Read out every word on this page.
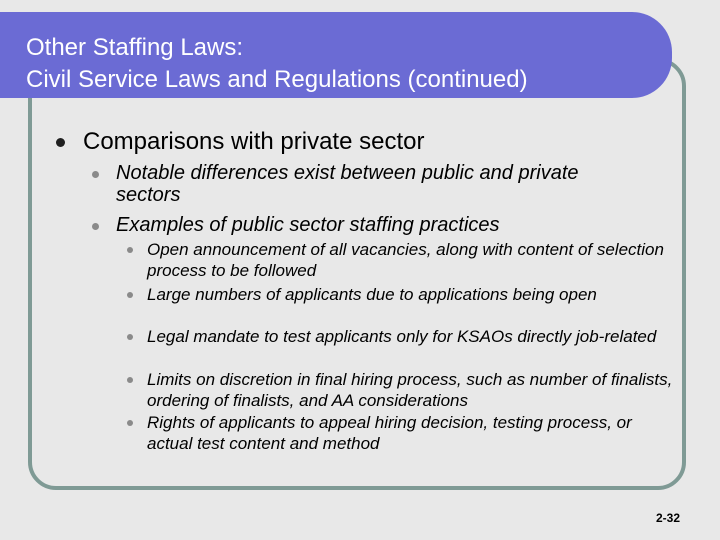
Other Staffing Laws:
Civil Service Laws and Regulations (continued)
Comparisons with private sector
Notable differences exist between public and private sectors
Examples of public sector staffing practices
Open announcement of all vacancies, along with content of selection process to be followed
Large numbers of applicants due to applications being open
Legal mandate to test applicants only for KSAOs directly job-related
Limits on discretion in final hiring process, such as number of finalists, ordering of finalists, and AA considerations
Rights of applicants to appeal hiring decision, testing process, or actual test content and method
2-32
